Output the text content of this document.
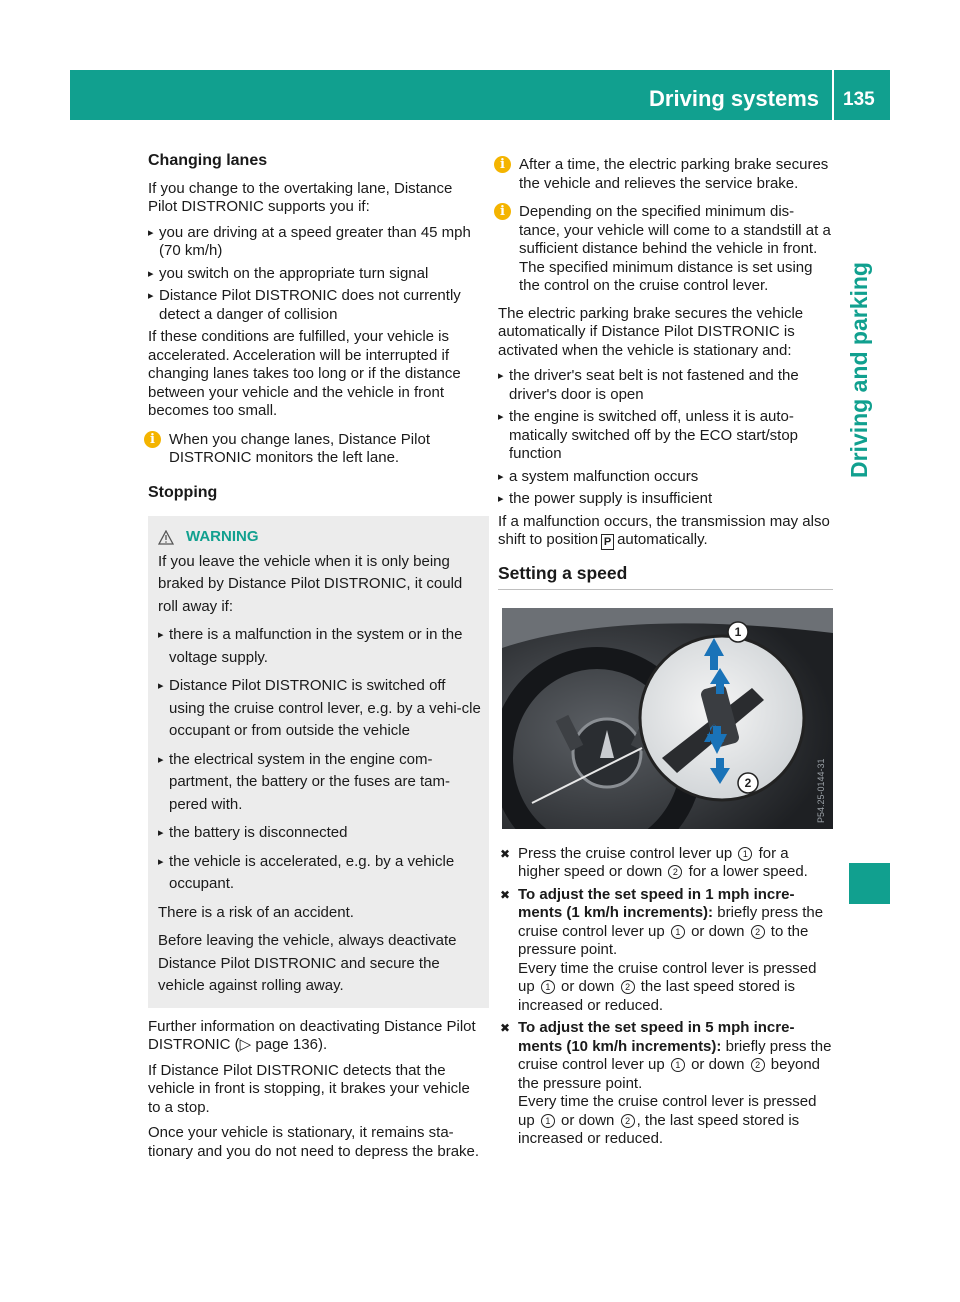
Driving systems 135
Driving and parking
Changing lanes

If you change to the overtaking lane, Distance Pilot DISTRONIC supports you if:

▸ you are driving at a speed greater than 45 mph (70 km/h)
▸ you switch on the appropriate turn signal
▸ Distance Pilot DISTRONIC does not currently detect a danger of collision

If these conditions are fulfilled, your vehicle is accelerated. Acceleration will be interrupted if changing lanes takes too long or if the distance between your vehicle and the vehicle in front becomes too small.

i When you change lanes, Distance Pilot DISTRONIC monitors the left lane.
Stopping
WARNING

If you leave the vehicle when it is only being braked by Distance Pilot DISTRONIC, it could roll away if:

▸ there is a malfunction in the system or in the voltage supply.
▸ Distance Pilot DISTRONIC is switched off using the cruise control lever, e.g. by a vehi-cle occupant or from outside the vehicle
▸ the electrical system in the engine com-partment, the battery or the fuses are tam-pered with.
▸ the battery is disconnected
▸ the vehicle is accelerated, e.g. by a vehicle occupant.

There is a risk of an accident.

Before leaving the vehicle, always deactivate Distance Pilot DISTRONIC and secure the vehicle against rolling away.

Further information on deactivating Distance Pilot DISTRONIC (▷ page 136).

If Distance Pilot DISTRONIC detects that the vehicle in front is stopping, it brakes your vehicle to a stop.

Once your vehicle is stationary, it remains sta-tionary and you do not need to depress the brake.

i After a time, the electric parking brake secures the vehicle and relieves the service brake.
i Depending on the specified minimum dis-tance, your vehicle will come to a standstill at a sufficient distance behind the vehicle in front. The specified minimum distance is set using the control on the cruise control lever.

The electric parking brake secures the vehicle automatically if Distance Pilot DISTRONIC is activated when the vehicle is stationary and:

▸ the driver's seat belt is not fastened and the driver's door is open
▸ the engine is switched off, unless it is auto-matically switched off by the ECO start/stop function
▸ a system malfunction occurs
▸ the power supply is insufficient

If a malfunction occurs, the transmission may also shift to position P automatically.

Setting a speed
1
2	P54.25-0144-31
✖ Press the cruise control lever up 1 for a higher speed or down 2 for a lower speed.
✖ To adjust the set speed in 1 mph incre-ments (1 km/h increments): briefly press the cruise control lever up 1 or down 2 to the pressure point.
Every time the cruise control lever is pressed up 1 or down 2 the last speed stored is increased or reduced.
✖ To adjust the set speed in 5 mph incre-ments (10 km/h increments): briefly press the cruise control lever up 1 or down 2 beyond the pressure point.
Every time the cruise control lever is pressed up 1 or down 2 , the last speed stored is increased or reduced.
